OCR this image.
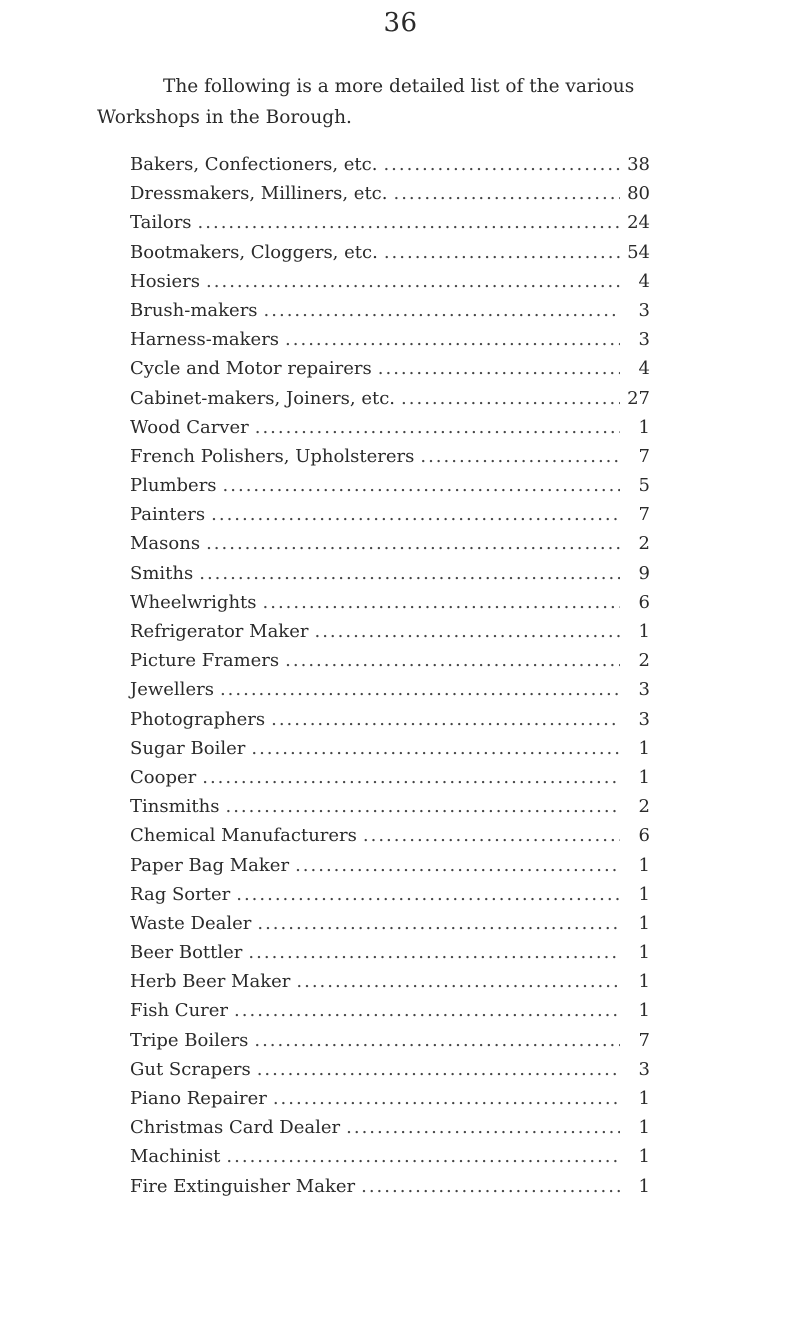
36

The following is a more detailed list of the various Workshops in the Borough.

Bakers, Confectioners, etc. .....	38
Dressmakers, Milliners, etc. .....	80
Tailors .....	24
Bootmakers, Cloggers, etc. .....	54
Hosiers .....	4
Brush-makers .....	3
Harness-makers .....	3
Cycle and Motor repairers .....	4
Cabinet-makers, Joiners, etc. .....	27
Wood Carver .....	1
French Polishers, Upholsterers .....	7
Plumbers .....	5
Painters .....	7
Masons .....	2
Smiths .....	9
Wheelwrights .....	6
Refrigerator Maker .....	1
Picture Framers .....	2
Jewellers .....	3
Photographers .....	3
Sugar Boiler .....	1
Cooper .....	1
Tinsmiths .....	2
Chemical Manufacturers .....	6
Paper Bag Maker .....	1
Rag Sorter .....	1
Waste Dealer .....	1
Beer Bottler .....	1
Herb Beer Maker .....	1
Fish Curer .....	1
Tripe Boilers .....	7
Gut Scrapers .....	3
Piano Repairer .....	1
Christmas Card Dealer .....	1
Machinist .....	1
Fire Extinguisher Maker .....	1
